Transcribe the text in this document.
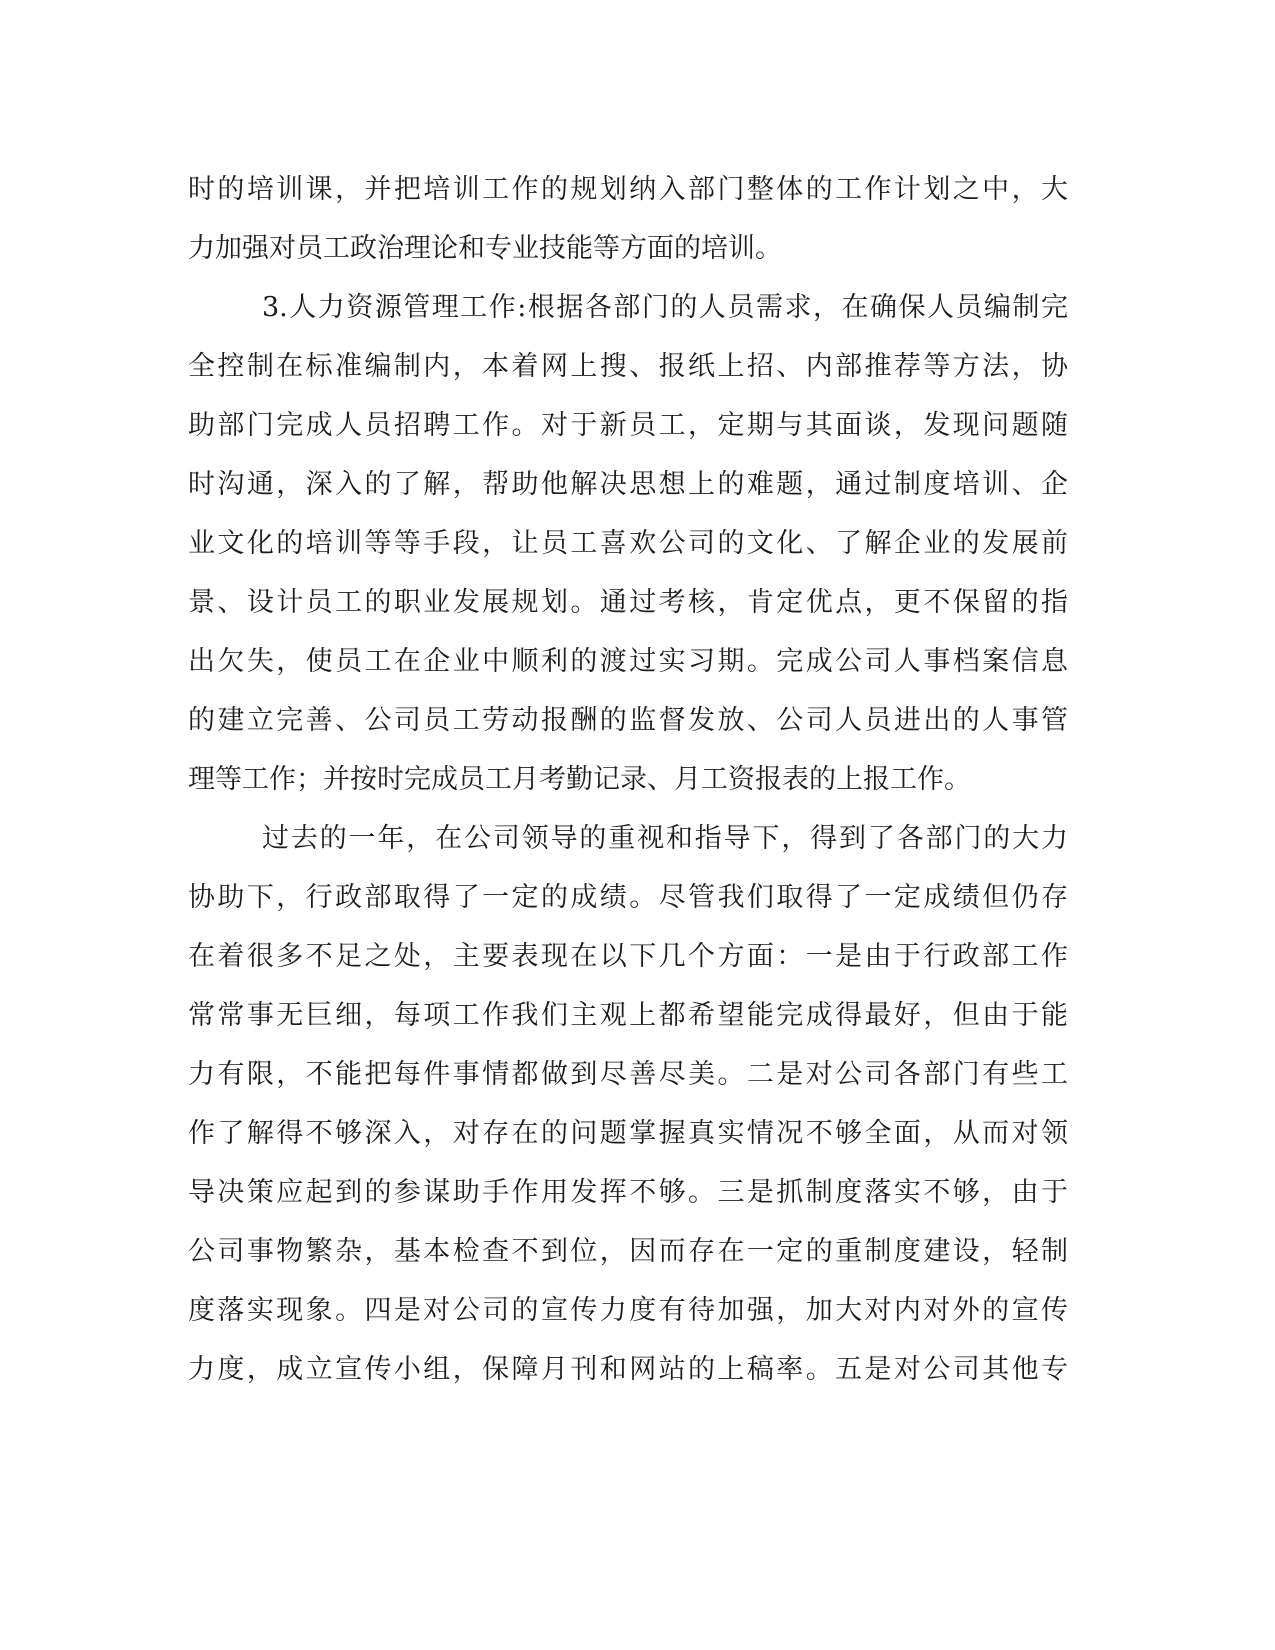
时的培训课，并把培训工作的规划纳入部门整体的工作计划之中，大
力加强对员工政治理论和专业技能等方面的培训。
3.人力资源管理工作:根据各部门的人员需求，在确保人员编制完
全控制在标准编制内，本着网上搜、报纸上招、内部推荐等方法，协
助部门完成人员招聘工作。对于新员工，定期与其面谈，发现问题随
时沟通，深入的了解，帮助他解决思想上的难题，通过制度培训、企
业文化的培训等等手段，让员工喜欢公司的文化、了解企业的发展前
景、设计员工的职业发展规划。通过考核，肯定优点，更不保留的指
出欠失，使员工在企业中顺利的渡过实习期。完成公司人事档案信息
的建立完善、公司员工劳动报酬的监督发放、公司人员进出的人事管
理等工作；并按时完成员工月考勤记录、月工资报表的上报工作。
过去的一年，在公司领导的重视和指导下，得到了各部门的大力
协助下，行政部取得了一定的成绩。尽管我们取得了一定成绩但仍存
在着很多不足之处，主要表现在以下几个方面：一是由于行政部工作
常常事无巨细，每项工作我们主观上都希望能完成得最好，但由于能
力有限，不能把每件事情都做到尽善尽美。二是对公司各部门有些工
作了解得不够深入，对存在的问题掌握真实情况不够全面，从而对领
导决策应起到的参谋助手作用发挥不够。三是抓制度落实不够，由于
公司事物繁杂，基本检查不到位，因而存在一定的重制度建设，轻制
度落实现象。四是对公司的宣传力度有待加强，加大对内对外的宣传
力度，成立宣传小组，保障月刊和网站的上稿率。五是对公司其他专
